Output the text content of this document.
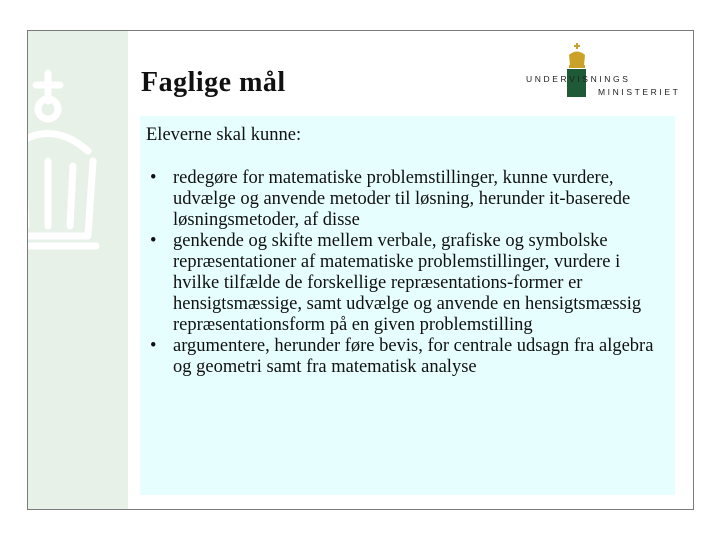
Faglige mål	UNDERVISNINGS
MINISTERIET

Eleverne skal kunne:

• redegøre for matematiske problemstillinger, kunne vurdere, udvælge og anvende metoder til løsning, herunder it-baserede løsningsmetoder, af disse
• genkende og skifte mellem verbale, grafiske og symbolske repræsentationer af matematiske problemstillinger, vurdere i hvilke tilfælde de forskellige repræsentations-former er hensigtsmæssige, samt udvælge og anvende en hensigtsmæssig repræsentationsform på en given problemstilling
• argumentere, herunder føre bevis, for centrale udsagn fra algebra og geometri samt fra matematisk analyse
